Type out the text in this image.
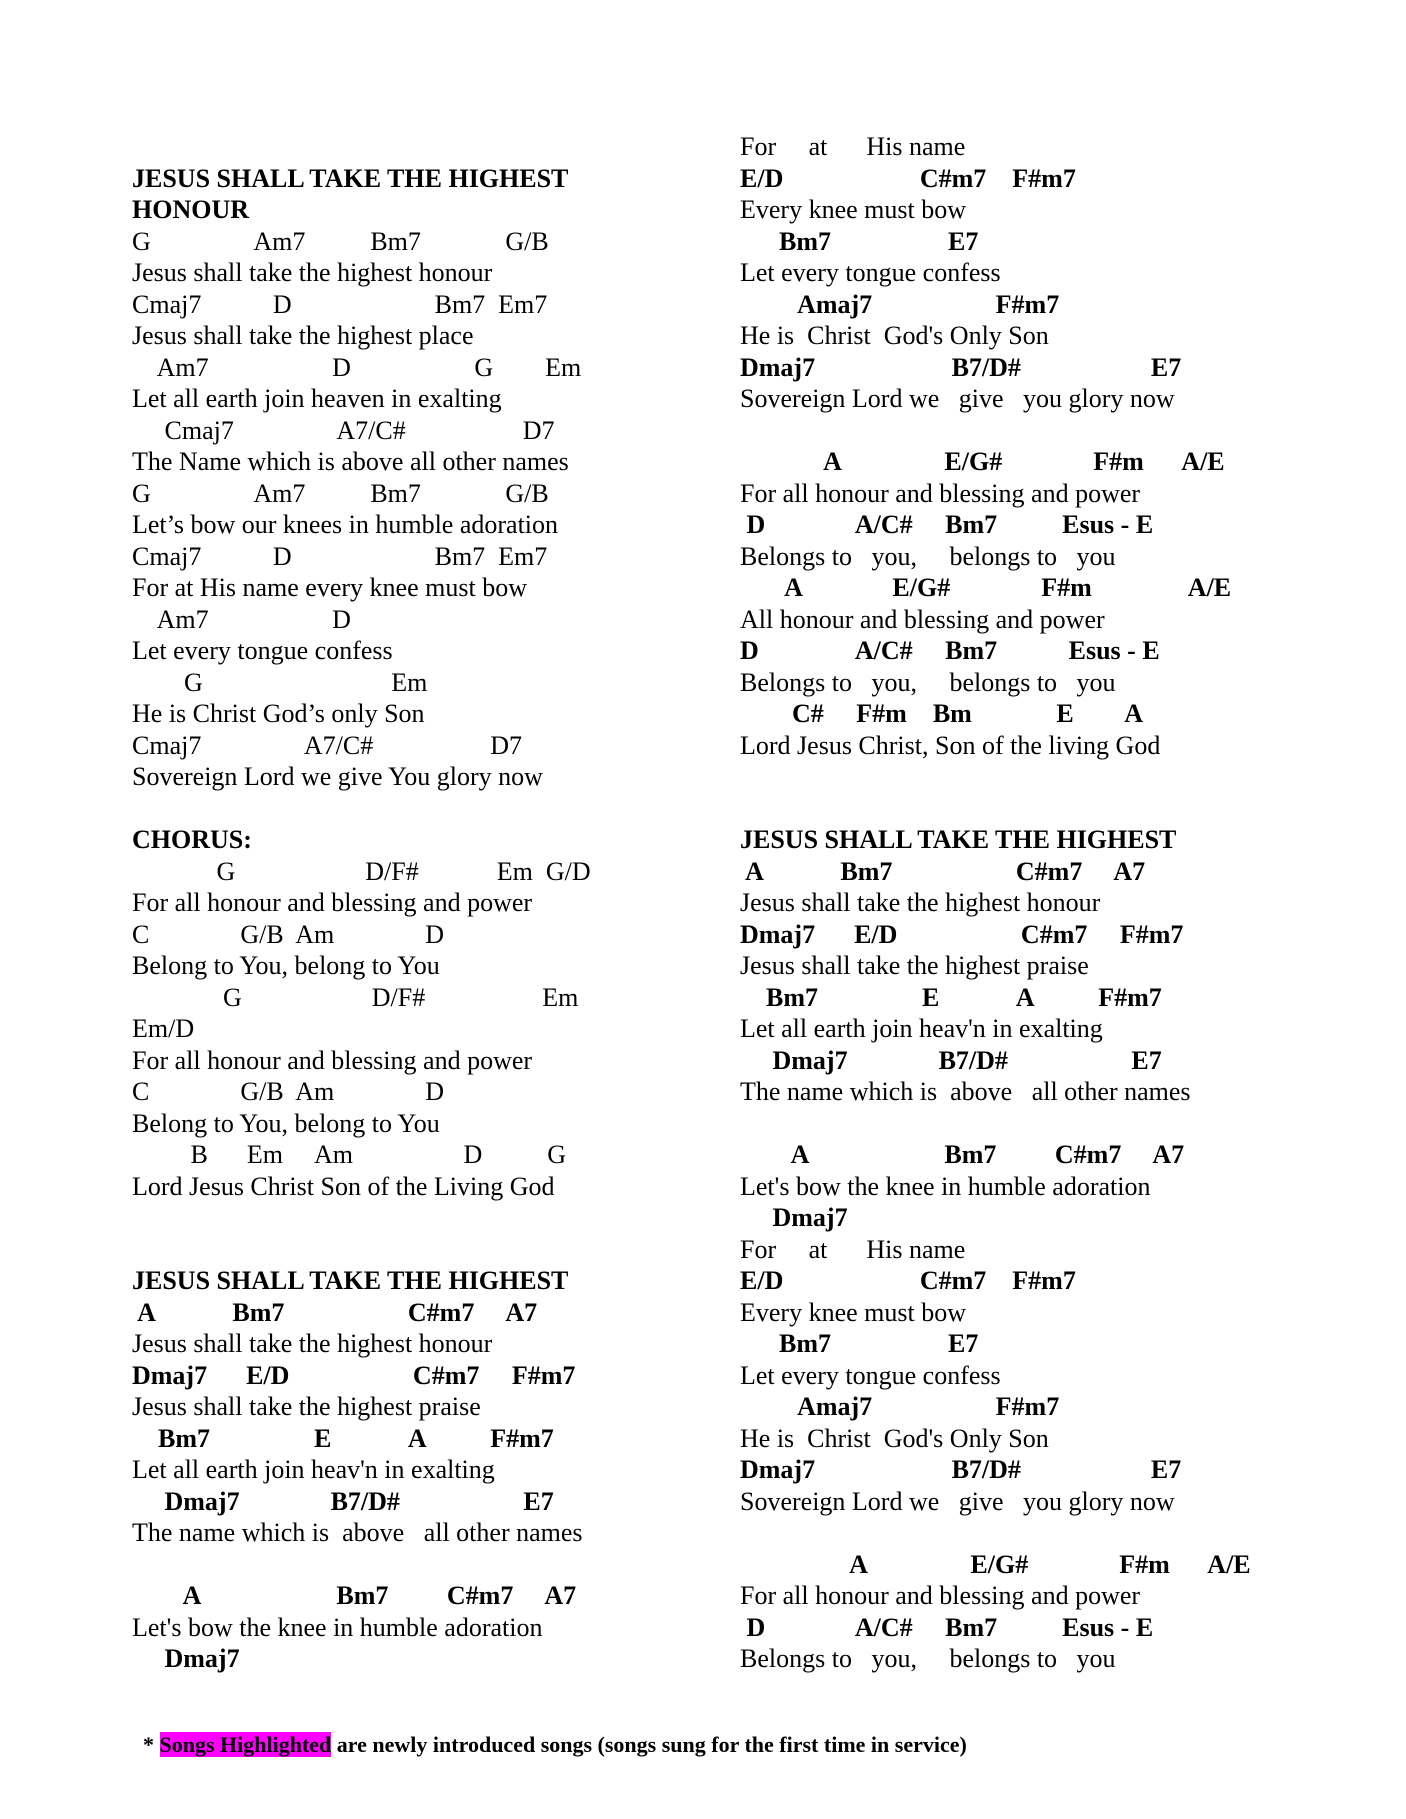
JESUS SHALL TAKE THE HIGHEST
HONOUR
G                Am7          Bm7             G/B
Jesus shall take the highest honour
Cmaj7           D                      Bm7  Em7
Jesus shall take the highest place
Am7                   D                   G        Em
Let all earth join heaven in exalting
Cmaj7                A7/C#                  D7
The Name which is above all other names
G                Am7          Bm7             G/B
Let’s bow our knees in humble adoration
Cmaj7           D                      Bm7  Em7
For at His name every knee must bow
Am7                   D
Let every tongue confess
G                             Em
He is Christ God’s only Son
Cmaj7                A7/C#                  D7
Sovereign Lord we give You glory now
CHORUS:
G                    D/F#            Em  G/D
For all honour and blessing and power
C              G/B  Am              D
Belong to You, belong to You
G                    D/F#                  Em
Em/D
For all honour and blessing and power
C              G/B  Am              D
Belong to You, belong to You
B      Em     Am                 D          G
Lord Jesus Christ Son of the Living God
JESUS SHALL TAKE THE HIGHEST
A            Bm7                   C#m7     A7
Jesus shall take the highest honour
Dmaj7      E/D                   C#m7     F#m7
Jesus shall take the highest praise
Bm7                E            A          F#m7
Let all earth join heav'n in exalting
Dmaj7              B7/D#                   E7
The name which is  above   all other names
A                     Bm7         C#m7     A7
Let's bow the knee in humble adoration
Dmaj7
For     at      His name
E/D                     C#m7    F#m7
Every knee must bow
Bm7                  E7
Let every tongue confess
Amaj7                   F#m7
He is  Christ  God's Only Son
Dmaj7                     B7/D#                    E7
Sovereign Lord we   give   you glory now
A                E/G#              F#m      A/E
For all honour and blessing and power
D              A/C#     Bm7          Esus - E
Belongs to   you,     belongs to   you
A              E/G#              F#m               A/E
All honour and blessing and power
D               A/C#     Bm7           Esus - E
Belongs to   you,     belongs to   you
C#     F#m    Bm             E        A
Lord Jesus Christ, Son of the living God
JESUS SHALL TAKE THE HIGHEST
A            Bm7                   C#m7     A7
Jesus shall take the highest honour
Dmaj7      E/D                   C#m7     F#m7
Jesus shall take the highest praise
Bm7                E            A          F#m7
Let all earth join heav'n in exalting
Dmaj7              B7/D#                   E7
The name which is  above   all other names
A                     Bm7         C#m7     A7
Let's bow the knee in humble adoration
Dmaj7
For     at      His name
E/D                     C#m7    F#m7
Every knee must bow
Bm7                  E7
Let every tongue confess
Amaj7                   F#m7
He is  Christ  God's Only Son
Dmaj7                     B7/D#                    E7
Sovereign Lord we   give   you glory now
A                E/G#              F#m      A/E
For all honour and blessing and power
D              A/C#     Bm7          Esus - E
Belongs to   you,     belongs to   you

* Songs Highlighted are newly introduced songs (songs sung for the first time in service)
